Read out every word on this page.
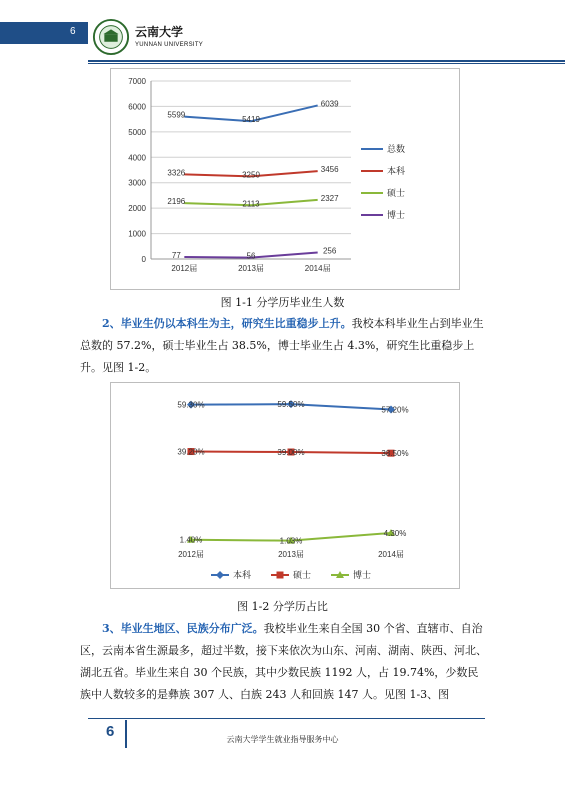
6	云南大学
YUNNAN UNIVERSITY
0
1000
2000
3000
4000
5000
6000
7000
2012届	2013届	2014届
5599
5419
6039
总数
3326	3250
3456	本科
2196	2113
2327
硕士
77	56
256
博士
图 1-1 分学历毕业生人数
2、毕业生仍以本科生为主，研究生比重稳步上升。我校本科毕业生占到毕业生总数的 57.2%，硕士毕业生占 38.5%，博士毕业生占 4.3%，研究生比重稳步上升。见图 1-2。
2012届	2013届	2014届
59.30%	59.50%
57.20%
39.20%	39.00%	38.50%
1.40%	1.03%
4.30%
本科	硕士	博士
图 1-2 分学历占比
3、毕业生地区、民族分布广泛。我校毕业生来自全国 30 个省、直辖市、自治区，云南本省生源最多，超过半数，接下来依次为山东、河南、湖南、陕西、河北、湖北五省。毕业生来自 30 个民族，其中少数民族 1192 人，占 19.74%，少数民族中人数较多的是彝族 307 人、白族 243 人和回族 147 人。见图 1-3、图
6	云南大学学生就业指导服务中心
